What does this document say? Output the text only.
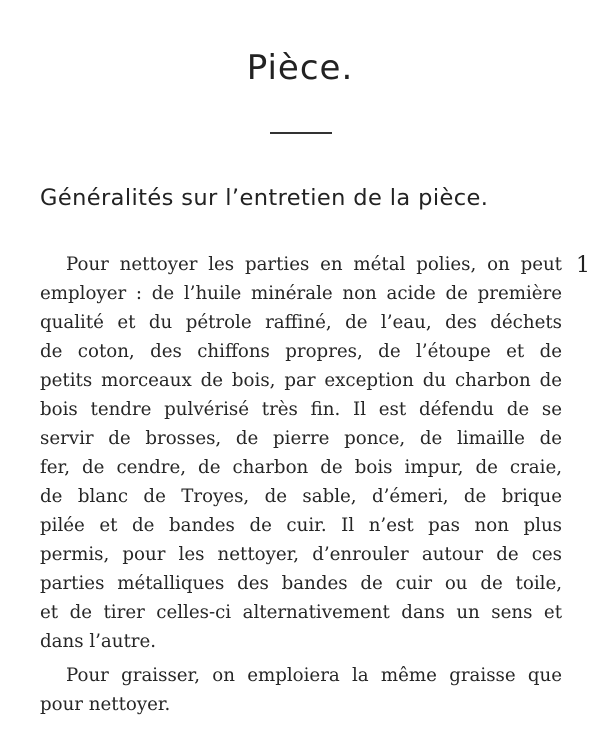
Pièce.
Généralités sur l’entretien de la pièce.
1
Pour nettoyer les parties en métal polies, on peut
employer : de l’huile minérale non acide de première
qualité et du pétrole raffiné, de l’eau, des déchets
de coton, des chiffons propres, de l’étoupe et de
petits morceaux de bois, par exception du charbon de
bois tendre pulvérisé très fin. Il est défendu de se
servir de brosses, de pierre ponce, de limaille de
fer, de cendre, de charbon de bois impur, de craie,
de blanc de Troyes, de sable, d’émeri, de brique
pilée et de bandes de cuir. Il n’est pas non plus
permis, pour les nettoyer, d’enrouler autour de ces
parties métalliques des bandes de cuir ou de toile,
et de tirer celles-ci alternativement dans un sens et
dans l’autre.
Pour graisser, on emploiera la même graisse que
pour nettoyer.
